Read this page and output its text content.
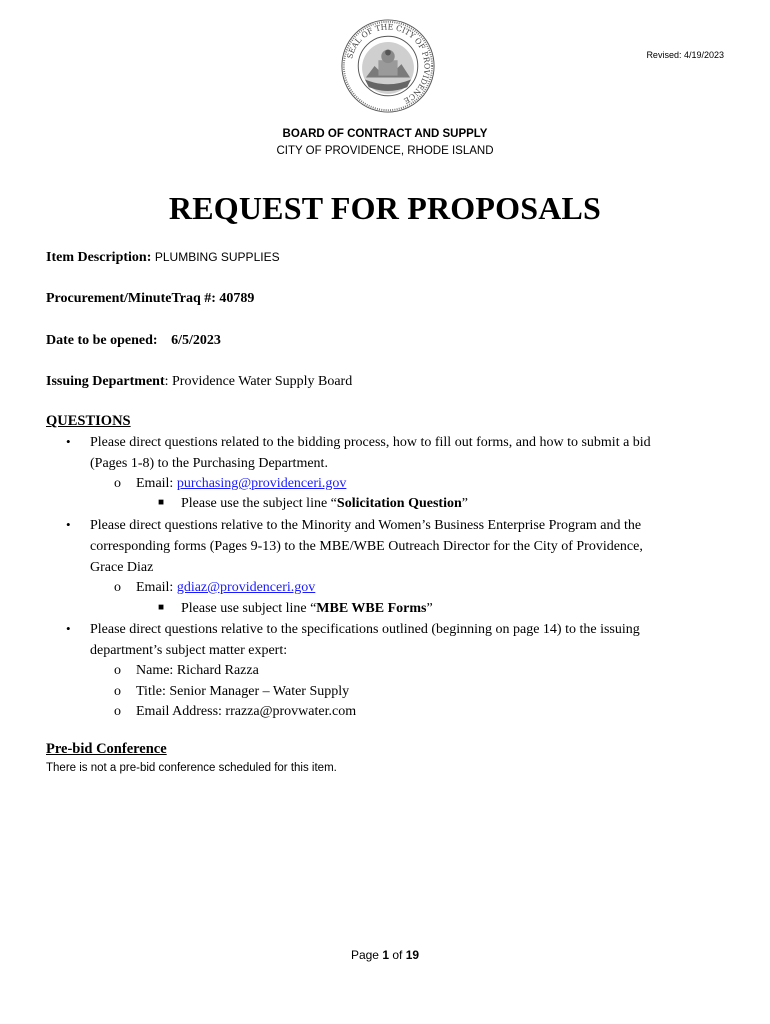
SEAL OF THE CITY OF PROVIDENCE
Revised: 4/19/2023
BOARD OF CONTRACT AND SUPPLY
CITY OF PROVIDENCE, RHODE ISLAND
REQUEST FOR PROPOSALS
Item Description: PLUMBING SUPPLIES
Procurement/MinuteTraq #: 40789
Date to be opened: 6/5/2023
Issuing Department: Providence Water Supply Board
QUESTIONS
• Please direct questions related to the bidding process, how to fill out forms, and how to submit a bid
(Pages 1-8) to the Purchasing Department.
o Email: purchasing@providenceri.gov
■ Please use the subject line “Solicitation Question”
• Please direct questions relative to the Minority and Women’s Business Enterprise Program and the
corresponding forms (Pages 9-13) to the MBE/WBE Outreach Director for the City of Providence,
Grace Diaz
o Email: gdiaz@providenceri.gov
■ Please use subject line “MBE WBE Forms”
• Please direct questions relative to the specifications outlined (beginning on page 14) to the issuing
department’s subject matter expert:
o Name: Richard Razza
o Title: Senior Manager – Water Supply
o Email Address: rrazza@provwater.com
Pre-bid Conference
There is not a pre-bid conference scheduled for this item.
Page 1 of 19
